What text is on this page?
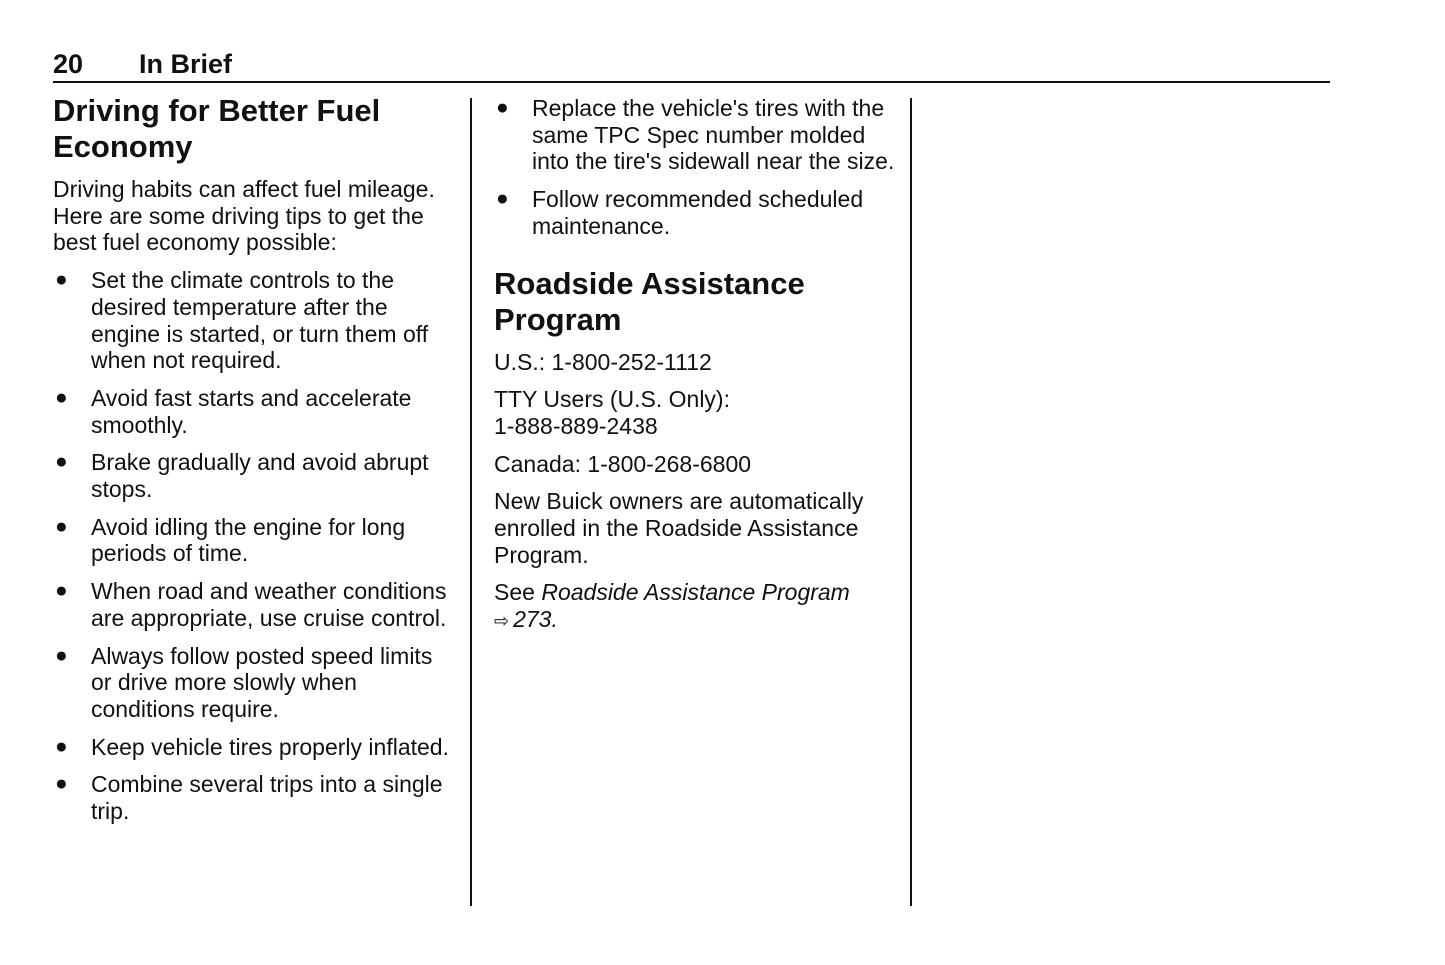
20 In Brief
Driving for Better Fuel Economy

Driving habits can affect fuel mileage. Here are some driving tips to get the best fuel economy possible:

● Set the climate controls to the desired temperature after the engine is started, or turn them off when not required.
● Avoid fast starts and accelerate smoothly.
● Brake gradually and avoid abrupt stops.
● Avoid idling the engine for long periods of time.
● When road and weather conditions are appropriate, use cruise control.
● Always follow posted speed limits or drive more slowly when conditions require.
● Keep vehicle tires properly inflated.
● Combine several trips into a single trip.
● Replace the vehicle's tires with the same TPC Spec number molded into the tire's sidewall near the size.
● Follow recommended scheduled maintenance.
Roadside Assistance Program

U.S.: 1-800-252-1112

TTY Users (U.S. Only):

1-888-889-2438

Canada: 1-800-268-6800

New Buick owners are automatically enrolled in the Roadside Assistance Program.

See Roadside Assistance Program
⇨ 273.
